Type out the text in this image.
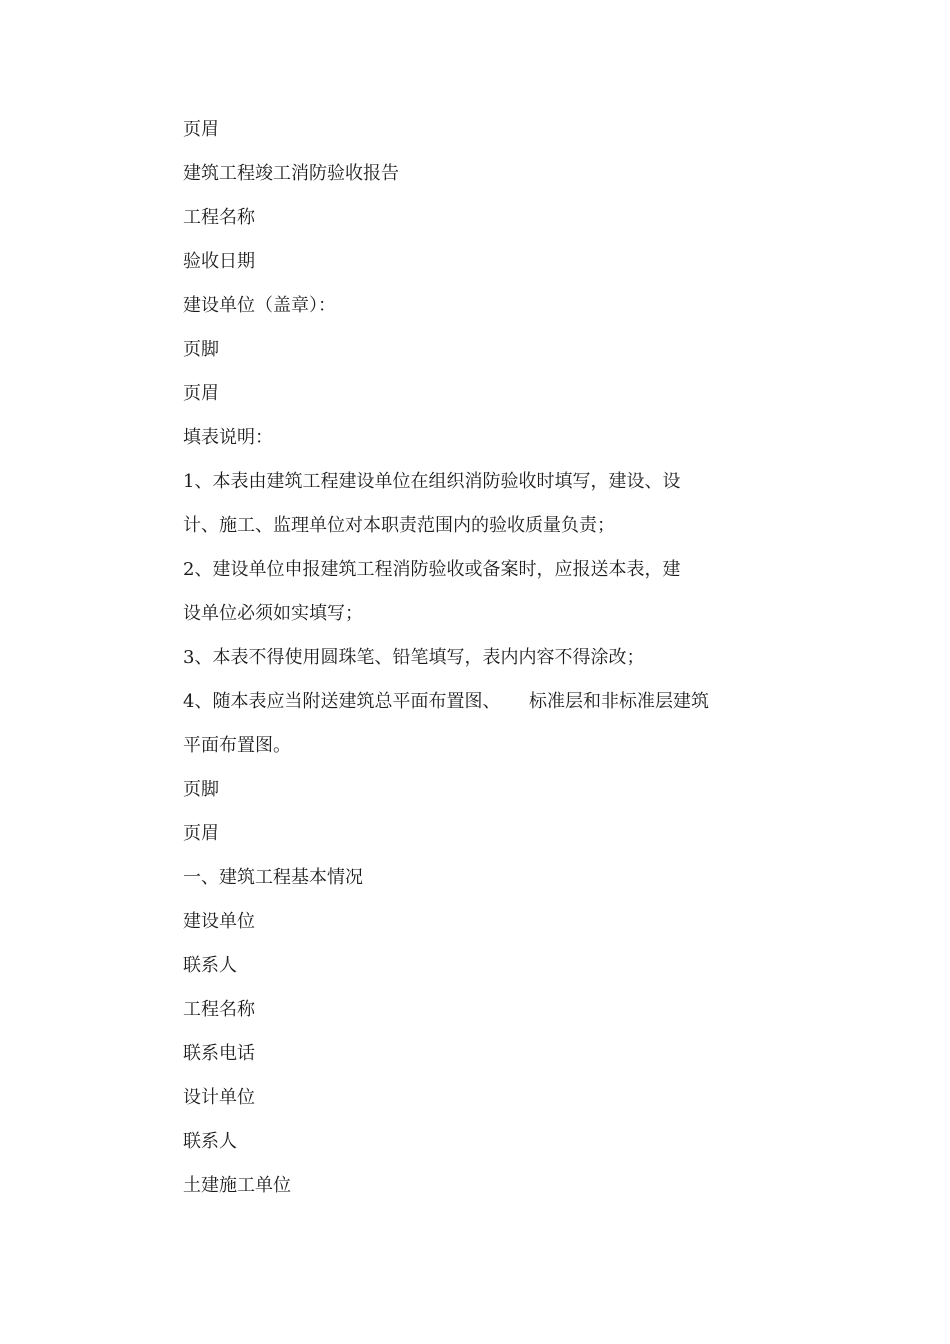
页眉
建筑工程竣工消防验收报告
工程名称
验收日期
建设单位（盖章）：
页脚
页眉
填表说明：
1、本表由建筑工程建设单位在组织消防验收时填写，建设、设
计、施工、监理单位对本职责范围内的验收质量负责；
2、建设单位申报建筑工程消防验收或备案时，应报送本表，建
设单位必须如实填写；
3、本表不得使用圆珠笔、铅笔填写，表内内容不得涂改；
4、随本表应当附送建筑总平面布置图、     标准层和非标准层建筑
平面布置图。
页脚
页眉
一、建筑工程基本情况
建设单位
联系人
工程名称
联系电话
设计单位
联系人
土建施工单位
